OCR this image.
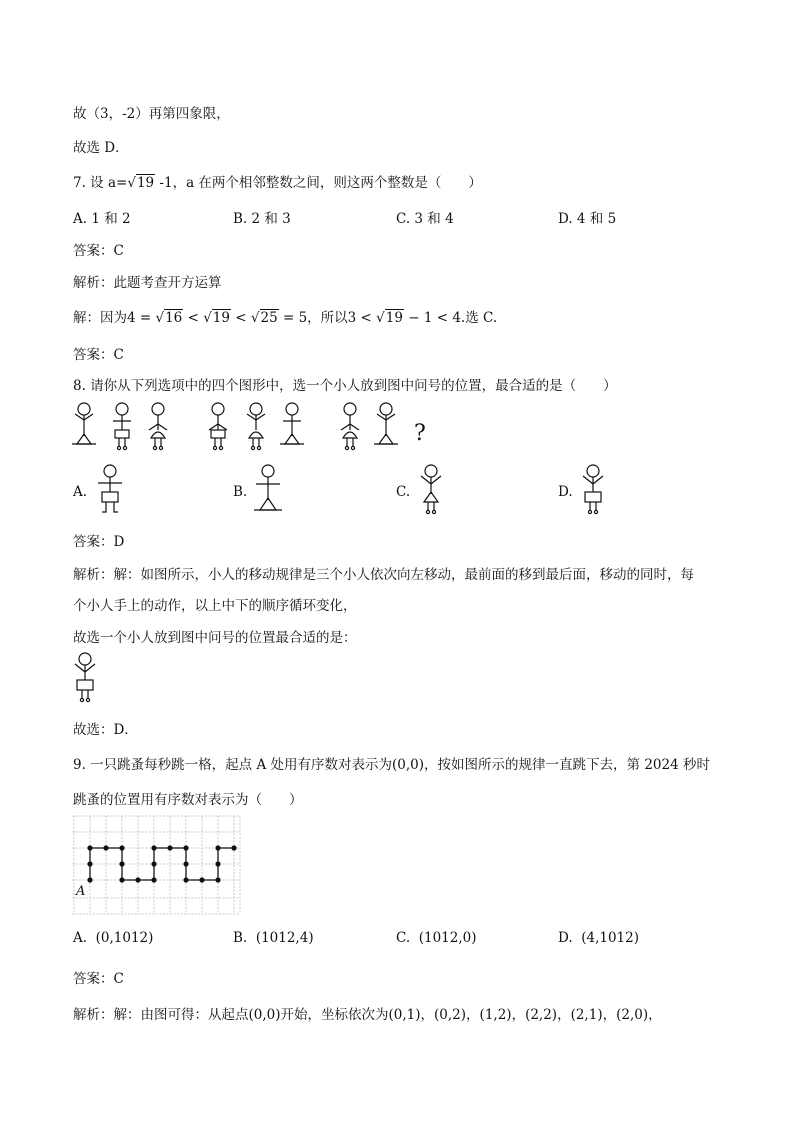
故（3，-2）再第四象限，
故选 D．
7. 设 a=√19 -1，a 在两个相邻整数之间，则这两个整数是（　　）
A. 1 和 2	B. 2 和 3	C. 3 和 4	D. 4 和 5
答案：C
解析：此题考查开方运算
解：因为4 = √16 < √19 < √25 = 5，所以3 < √19 − 1 < 4.选 C.
答案：C
8. 请你从下列选项中的四个图形中，选一个小人放到图中问号的位置，最合适的是（　　）
?
A.	B.	C.	D.
答案：D
解析：解：如图所示，小人的移动规律是三个小人依次向左移动，最前面的移到最后面，移动的同时，每
个小人手上的动作，以上中下的顺序循环变化，
故选一个小人放到图中问号的位置最合适的是：
故选：D．
9. 一只跳蚤每秒跳一格，起点 A 处用有序数对表示为(0,0)，按如图所示的规律一直跳下去，第 2024 秒时
跳蚤的位置用有序数对表示为（　　）
A
A. (0,1012)	B. (1012,4)	C. (1012,0)	D. (4,1012)
答案：C
解析：解：由图可得：从起点(0,0)开始，坐标依次为(0,1)，(0,2)，(1,2)，(2,2)，(2,1)，(2,0)，
